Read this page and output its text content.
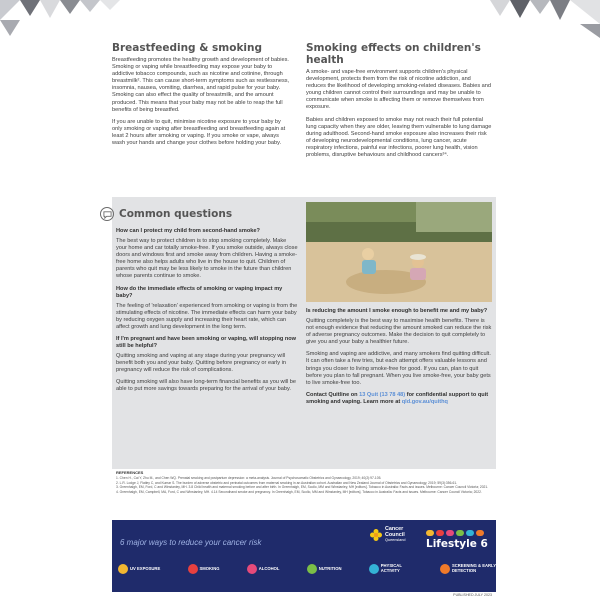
Breastfeeding & smoking

Breastfeeding promotes the healthy growth and development of babies. Smoking or vaping while breastfeeding may expose your baby to addictive tobacco compounds, such as nicotine and cotinine, through breastmilk². This can cause short-term symptoms such as restlessness, insomnia, nausea, vomiting, diarrhea, and rapid pulse for your baby. Smoking can also effect the quality of breastmilk, and the amount produced. This means that your baby may not be able to reap the full benefits of being breastfed.

If you are unable to quit, minimise nicotine exposure to your baby by only smoking or vaping after breastfeeding and breastfeeding again at least 2 hours after smoking or vaping. If you smoke or vape, always wash your hands and change your clothes before holding your baby.

Smoking effects on children's health

A smoke- and vape-free environment supports children's physical development, protects them from the risk of nicotine addiction, and reduces the likelihood of developing smoking-related diseases. Babies and young children cannot control their surroundings and may be unable to communicate when smoke is affecting them or remove themselves from exposure.

Babies and children exposed to smoke may not reach their full potential lung capacity when they are older, leaving them vulnerable to lung damage during adulthood. Second-hand smoke exposure also increases their risk of developing neurodevelopmental conditions, lung cancer, acute respiratory infections, painful ear infections, poorer lung health, vision problems, disruptive behaviours and childhood cancers³⁴.

Common questions

How can I protect my child from second-hand smoke?

The best way to protect children is to stop smoking completely. Make your home and car totally smoke-free. If you smoke outside, always close doors and windows first and smoke away from children. Having a smoke-free home also helps adults who live in the house to quit. Children of parents who quit may be less likely to smoke in the future than children whose parents continue to smoke.

How do the immediate effects of smoking or vaping impact my baby?

The feeling of 'relaxation' experienced from smoking or vaping is from the stimulating effects of nicotine. The immediate effects can harm your baby by reducing oxygen supply and increasing their heart rate, which can affect growth and lung development in the long term.

If I'm pregnant and have been smoking or vaping, will stopping now still be helpful?

Quitting smoking and vaping at any stage during your pregnancy will benefit both you and your baby. Quitting before pregnancy or early in pregnancy will reduce the risk of complications.

Quitting smoking will also have long-term financial benefits as you will be able to put more savings towards preparing for the arrival of your baby.

Is reducing the amount I smoke enough to benefit me and my baby?

Quitting completely is the best way to maximise health benefits. There is not enough evidence that reducing the amount smoked can reduce the risk of adverse pregnancy outcomes. Make the decision to quit completely to give you and your baby a healthier future.

Smoking and vaping are addictive, and many smokers find quitting difficult. It can often take a few tries, but each attempt offers valuable lessons and brings you closer to living smoke-free for good. If you can, plan to quit before you plan to fall pregnant. When you live smoke-free, your baby gets to live smoke-free too.

Contact Quitline on 13 Quit (13 78 48) for confidential support to quit smoking and vaping. Learn more at qld.gov.au/quithq

REFERENCES
1. Chen H., Cai Y, Zhu M., and Chen WQ. Prenatal smoking and postpartum depression: a meta-analysis. Journal of Psychosomatic Obstetrics and Gynaecology, 2019; 40(2):97-105.
2. L.R. Lodge J, Flatley C, and Kumar S. The burden of adverse obstetric and perinatal outcomes from maternal smoking in an Australian cohort. Australian and New Zealand Journal of Obstetrics and Gynaecology, 2019; 59(3):356-61.
3. Greenhalgh, EM, Ford, C and Winstanley, MH. 3.8 Child health and maternal smoking before and after birth. In Greenhalgh, EM, Scollo, MM and Winstanley, MH [editors]. Tobacco in Australia: Facts and issues. Melbourne: Cancer Council Victoria; 2021.
4. Greenhalgh, EM, Campbell, MA, Ford, C and Winstanley, MH. 4.14 Secondhand smoke and pregnancy. In Greenhalgh, EM, Scollo, MM and Winstanley, MH [editors]. Tobacco in Australia: Facts and issues. Melbourne: Cancer Council Victoria; 2022.
6 major ways to reduce your cancer risk
Cancer
Council
Queensland Lifestyle 6
UV EXPOSURE	SMOKING	ALCOHOL	NUTRITION	PHYSICAL ACTIVITY
SCREENING & EARLY DETECTION
PUBLISHED JULY 2023
